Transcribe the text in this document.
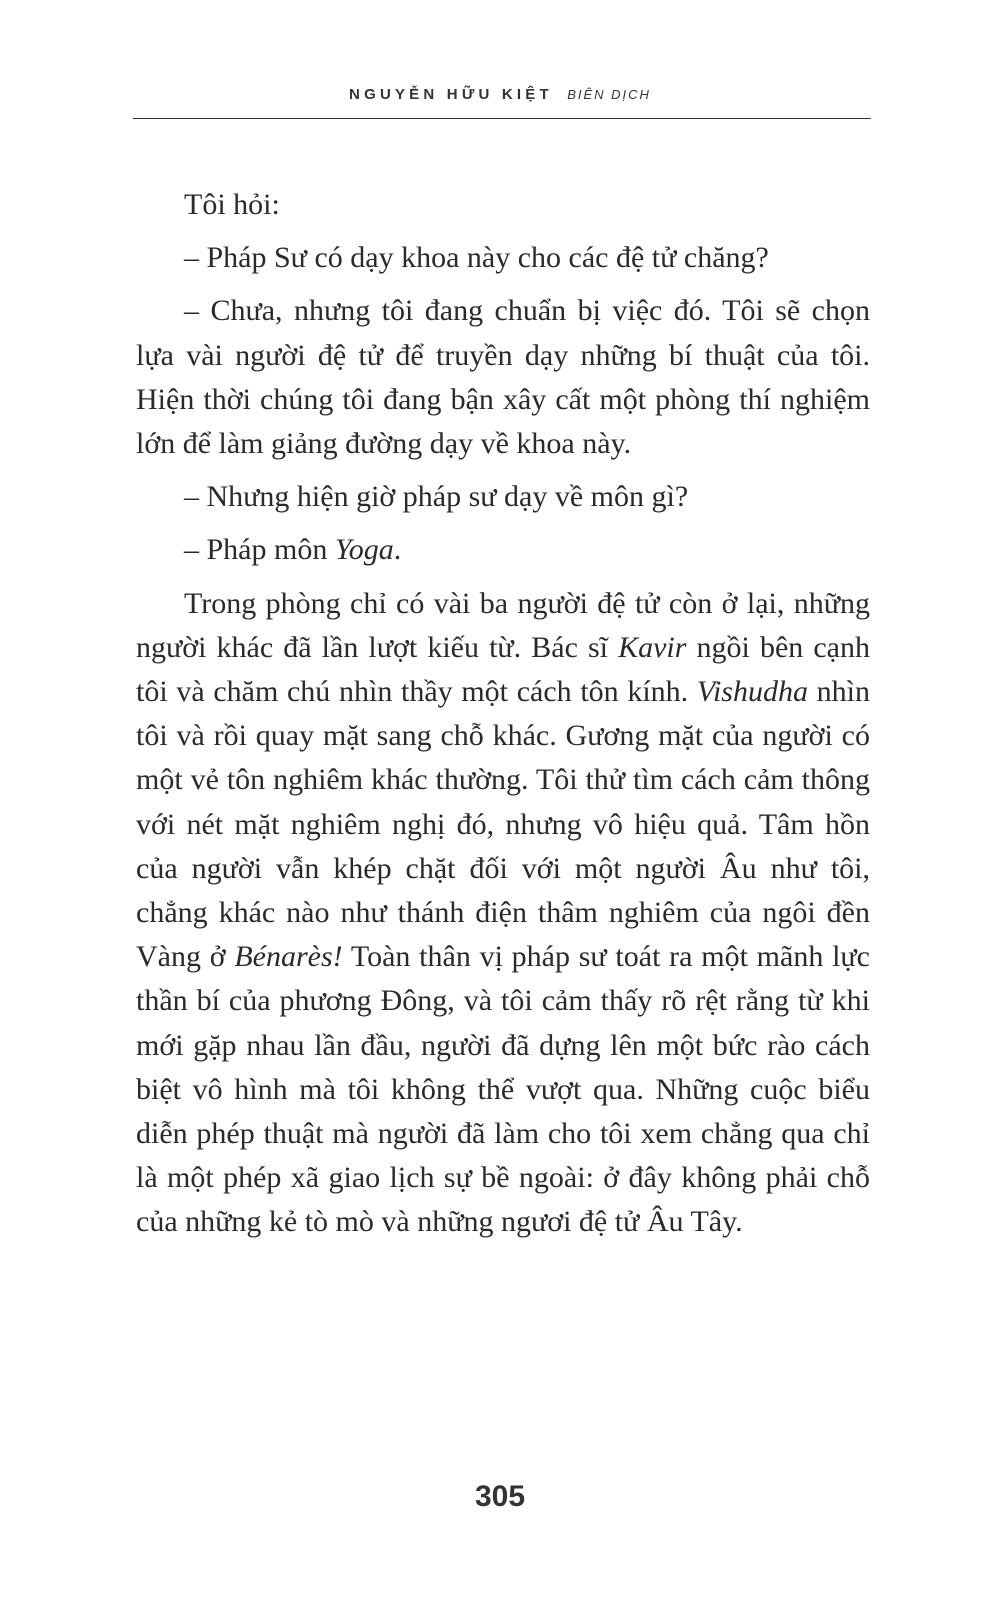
NGUYỄN HỮU KIỆT BIÊN DỊCH

Tôi hỏi:

– Pháp Sư có dạy khoa này cho các đệ tử chăng?

– Chưa, nhưng tôi đang chuẩn bị việc đó. Tôi sẽ chọn lựa vài người đệ tử để truyền dạy những bí thuật của tôi. Hiện thời chúng tôi đang bận xây cất một phòng thí nghiệm lớn để làm giảng đường dạy về khoa này.

– Nhưng hiện giờ pháp sư dạy về môn gì?

– Pháp môn Yoga.

Trong phòng chỉ có vài ba người đệ tử còn ở lại, những người khác đã lần lượt kiếu từ. Bác sĩ Kavir ngồi bên cạnh tôi và chăm chú nhìn thầy một cách tôn kính. Vishudha nhìn tôi và rồi quay mặt sang chỗ khác. Gương mặt của người có một vẻ tôn nghiêm khác thường. Tôi thử tìm cách cảm thông với nét mặt nghiêm nghị đó, nhưng vô hiệu quả. Tâm hồn của người vẫn khép chặt đối với một người Âu như tôi, chẳng khác nào như thánh điện thâm nghiêm của ngôi đền Vàng ở Bénarès! Toàn thân vị pháp sư toát ra một mãnh lực thần bí của phương Đông, và tôi cảm thấy rõ rệt rằng từ khi mới gặp nhau lần đầu, người đã dựng lên một bức rào cách biệt vô hình mà tôi không thể vượt qua. Những cuộc biểu diễn phép thuật mà người đã làm cho tôi xem chẳng qua chỉ là một phép xã giao lịch sự bề ngoài: ở đây không phải chỗ của những kẻ tò mò và những ngươi đệ tử Âu Tây.

305
